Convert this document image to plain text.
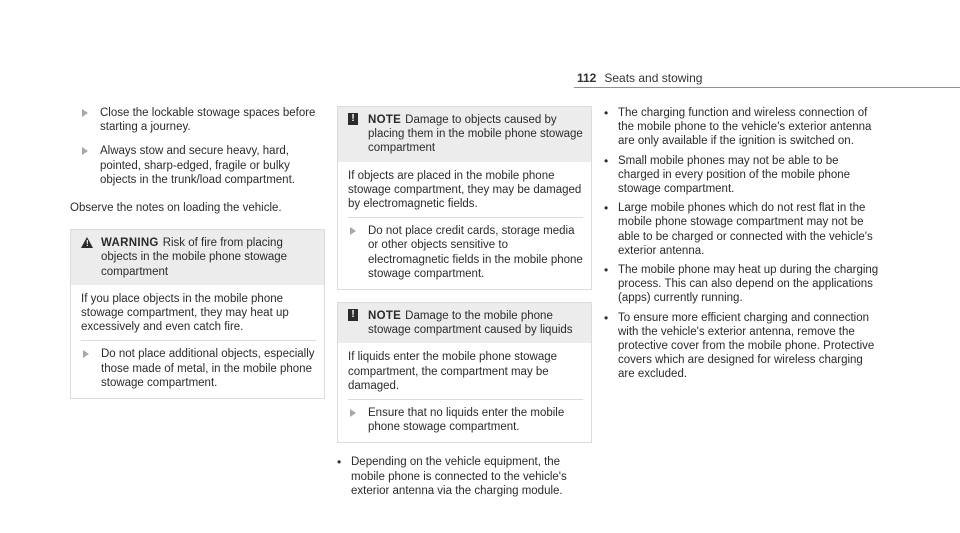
112 Seats and stowing
Close the lockable stowage spaces before starting a journey.
Always stow and secure heavy, hard, pointed, sharp-edged, fragile or bulky objects in the trunk/load compartment.
Observe the notes on loading the vehicle.
! WARNING Risk of fire from placing objects in the mobile phone stowage compartment
If you place objects in the mobile phone stowage compartment, they may heat up excessively and even catch fire.
Do not place additional objects, especially those made of metal, in the mobile phone stowage compartment.
! NOTE Damage to objects caused by placing them in the mobile phone stowage compartment
If objects are placed in the mobile phone stowage compartment, they may be damaged by electromagnetic fields.
Do not place credit cards, storage media or other objects sensitive to electromagnetic fields in the mobile phone stowage compartment.
! NOTE Damage to the mobile phone stowage compartment caused by liquids
If liquids enter the mobile phone stowage compartment, the compartment may be damaged.
Ensure that no liquids enter the mobile phone stowage compartment.
• Depending on the vehicle equipment, the mobile phone is connected to the vehicle's exterior antenna via the charging module.
• The charging function and wireless connection of the mobile phone to the vehicle's exterior antenna are only available if the ignition is switched on.
• Small mobile phones may not be able to be charged in every position of the mobile phone stowage compartment.
• Large mobile phones which do not rest flat in the mobile phone stowage compartment may not be able to be charged or connected with the vehicle's exterior antenna.
• The mobile phone may heat up during the charging process. This can also depend on the applications (apps) currently running.
• To ensure more efficient charging and connection with the vehicle's exterior antenna, remove the protective cover from the mobile phone. Protective covers which are designed for wireless charging are excluded.
